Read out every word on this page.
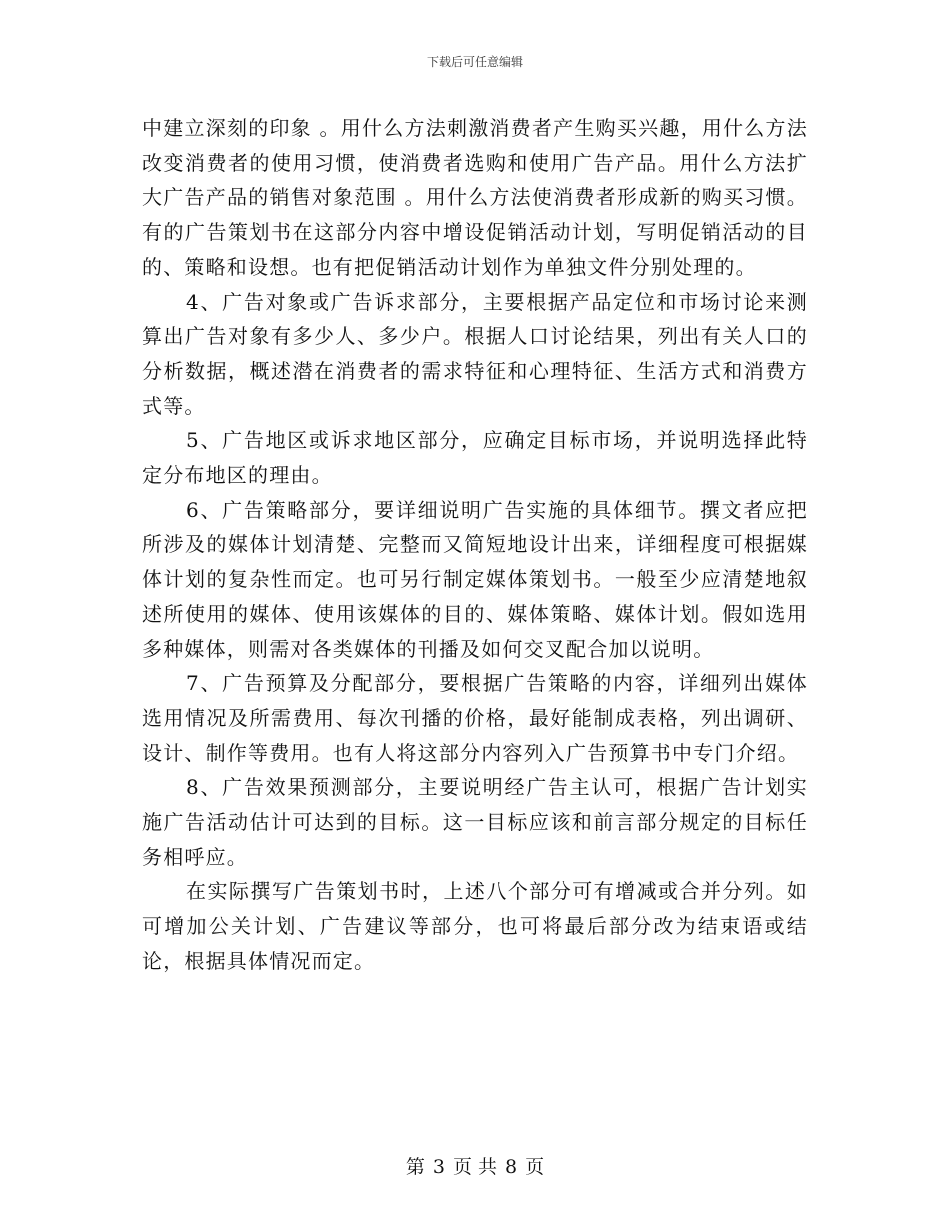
下载后可任意编辑

中建立深刻的印象 。用什么方法刺激消费者产生购买兴趣，用什么方法改变消费者的使用习惯，使消费者选购和使用广告产品。用什么方法扩大广告产品的销售对象范围 。用什么方法使消费者形成新的购买习惯。有的广告策划书在这部分内容中增设促销活动计划，写明促销活动的目的、策略和设想。也有把促销活动计划作为单独文件分别处理的。

4、广告对象或广告诉求部分，主要根据产品定位和市场讨论来测算出广告对象有多少人、多少户。根据人口讨论结果，列出有关人口的分析数据，概述潜在消费者的需求特征和心理特征、生活方式和消费方式等。

5、广告地区或诉求地区部分，应确定目标市场，并说明选择此特定分布地区的理由。

6、广告策略部分，要详细说明广告实施的具体细节。撰文者应把所涉及的媒体计划清楚、完整而又简短地设计出来，详细程度可根据媒体计划的复杂性而定。也可另行制定媒体策划书。一般至少应清楚地叙述所使用的媒体、使用该媒体的目的、媒体策略、媒体计划。假如选用多种媒体，则需对各类媒体的刊播及如何交叉配合加以说明。

7、广告预算及分配部分，要根据广告策略的内容，详细列出媒体选用情况及所需费用、每次刊播的价格，最好能制成表格，列出调研、设计、制作等费用。也有人将这部分内容列入广告预算书中专门介绍。

8、广告效果预测部分，主要说明经广告主认可，根据广告计划实施广告活动估计可达到的目标。这一目标应该和前言部分规定的目标任务相呼应。

在实际撰写广告策划书时，上述八个部分可有增减或合并分列。如可增加公关计划、广告建议等部分，也可将最后部分改为结束语或结论，根据具体情况而定。

第 3 页 共 8 页
